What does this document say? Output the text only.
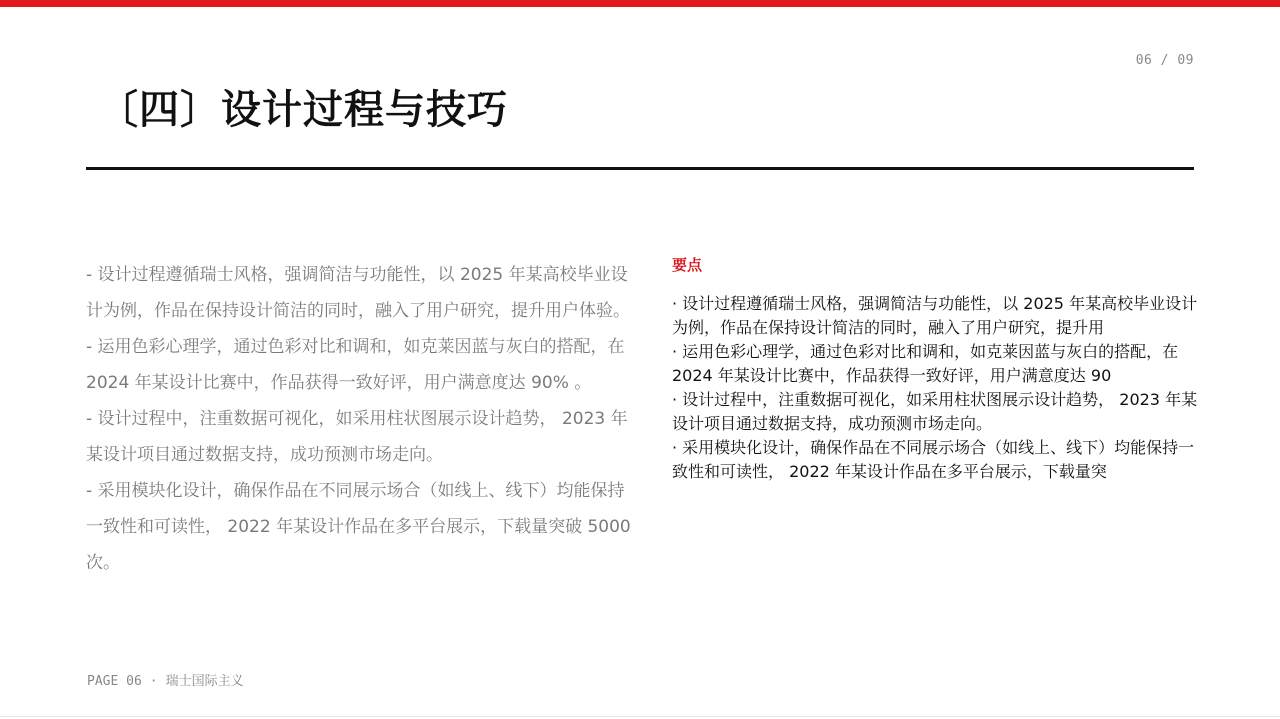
06 / 09
〔四〕设计过程与技巧

- 设计过程遵循瑞士风格，强调简洁与功能性，以 2025 年某高校毕业设计为例，作品在保持设计简洁的同时，融入了用户研究，提升用户体验。

- 运用色彩心理学，通过色彩对比和调和，如克莱因蓝与灰白的搭配，在 2024 年某设计比赛中，作品获得一致好评，用户满意度达 90% 。

- 设计过程中，注重数据可视化，如采用柱状图展示设计趋势， 2023 年某设计项目通过数据支持，成功预测市场走向。

- 采用模块化设计，确保作品在不同展示场合（如线上、线下）均能保持一致性和可读性， 2022 年某设计作品在多平台展示，下载量突破 5000 次。

要点
· 设计过程遵循瑞士风格，强调简洁与功能性，以 2025 年某高校毕业设计为例，作品在保持设计简洁的同时，融入了用户研究，提升用
· 运用色彩心理学，通过色彩对比和调和，如克莱因蓝与灰白的搭配，在 2024 年某设计比赛中，作品获得一致好评，用户满意度达 90
· 设计过程中，注重数据可视化，如采用柱状图展示设计趋势， 2023 年某设计项目通过数据支持，成功预测市场走向。
· 采用模块化设计，确保作品在不同展示场合（如线上、线下）均能保持一致性和可读性， 2022 年某设计作品在多平台展示，下载量突
PAGE 06 · 瑞士国际主义
